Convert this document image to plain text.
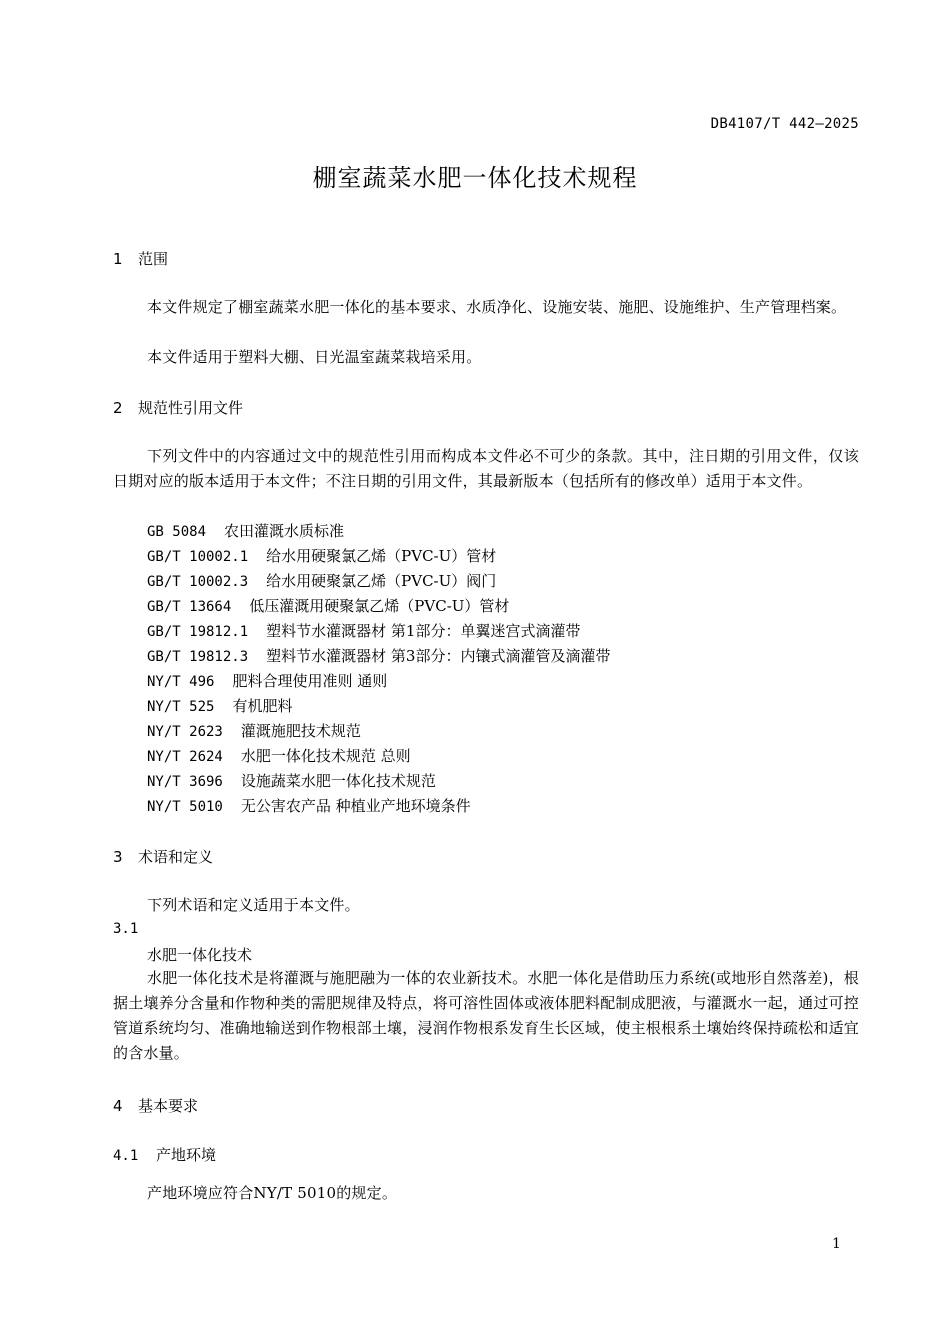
DB4107/T 442—2025
棚室蔬菜水肥一体化技术规程
1 范围
本文件规定了棚室蔬菜水肥一体化的基本要求、水质净化、设施安装、施肥、设施维护、生产管理档案。
本文件适用于塑料大棚、日光温室蔬菜栽培采用。
2 规范性引用文件
下列文件中的内容通过文中的规范性引用而构成本文件必不可少的条款。其中，注日期的引用文件，仅该日期对应的版本适用于本文件；不注日期的引用文件，其最新版本（包括所有的修改单）适用于本文件。
GB 5084 农田灌溉水质标准
GB/T 10002.1 给水用硬聚氯乙烯（PVC-U）管材
GB/T 10002.3 给水用硬聚氯乙烯（PVC-U）阀门
GB/T 13664 低压灌溉用硬聚氯乙烯（PVC-U）管材
GB/T 19812.1 塑料节水灌溉器材 第1部分：单翼迷宫式滴灌带
GB/T 19812.3 塑料节水灌溉器材 第3部分：内镶式滴灌管及滴灌带
NY/T 496 肥料合理使用准则 通则
NY/T 525 有机肥料
NY/T 2623 灌溉施肥技术规范
NY/T 2624 水肥一体化技术规范 总则
NY/T 3696 设施蔬菜水肥一体化技术规范
NY/T 5010 无公害农产品 种植业产地环境条件
3 术语和定义
下列术语和定义适用于本文件。
3.1
水肥一体化技术
水肥一体化技术是将灌溉与施肥融为一体的农业新技术。水肥一体化是借助压力系统(或地形自然落差)，根据土壤养分含量和作物种类的需肥规律及特点，将可溶性固体或液体肥料配制成肥液，与灌溉水一起，通过可控管道系统均匀、准确地输送到作物根部土壤，浸润作物根系发育生长区域，使主根根系土壤始终保持疏松和适宜的含水量。
4 基本要求
4.1 产地环境
产地环境应符合NY/T 5010的规定。
1
